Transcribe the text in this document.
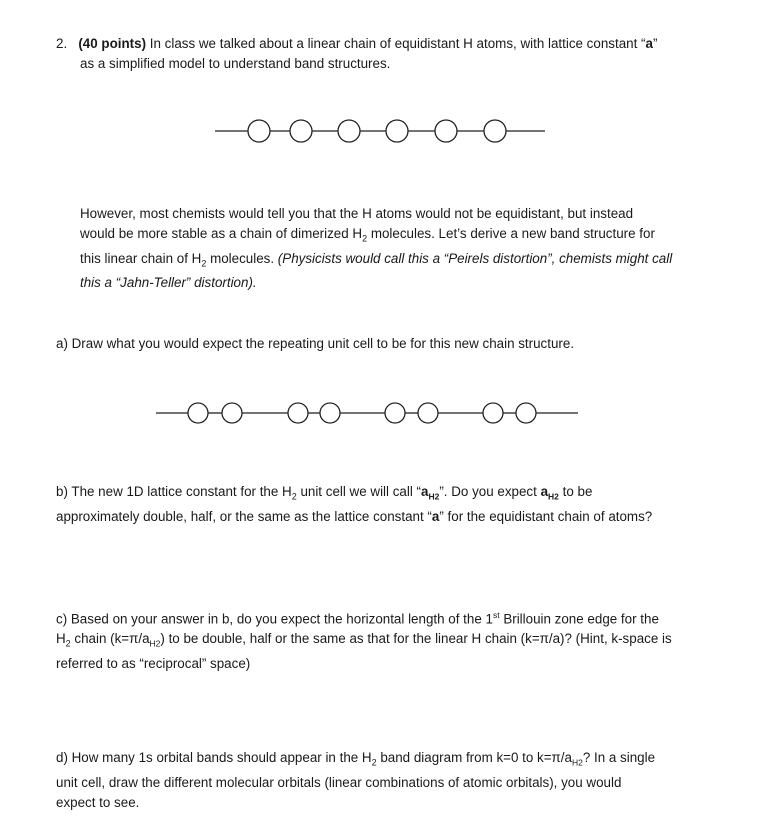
2. (40 points) In class we talked about a linear chain of equidistant H atoms, with lattice constant “a”
as a simplified model to understand band structures.
However, most chemists would tell you that the H atoms would not be equidistant, but instead
would be more stable as a chain of dimerized $H_2$ molecules. Let’s derive a new band structure for
this linear chain of $H_2$ molecules. (Physicists would call this a “Peirels distortion”, chemists might call
this a “Jahn-Teller” distortion).
a) Draw what you would expect the repeating unit cell to be for this new chain structure.
b) The new 1D lattice constant for the $H_2$ unit cell we will call “$a_{H2}$”. Do you expect $a_{H2}$ to be
approximately double, half, or the same as the lattice constant “a” for the equidistant chain of atoms?
c) Based on your answer in b, do you expect the horizontal length of the 1st Brillouin zone edge for the
$H_2$ chain $(k=\pi/a_{H2})$ to be double, half or the same as that for the linear H chain (k=π/a)? (Hint, k-space is
referred to as “reciprocal” space)
d) How many 1s orbital bands should appear in the $H_2$ band diagram from k=0 to $k=\pi/a_{H2}$? In a single
unit cell, draw the different molecular orbitals (linear combinations of atomic orbitals), you would
expect to see.
